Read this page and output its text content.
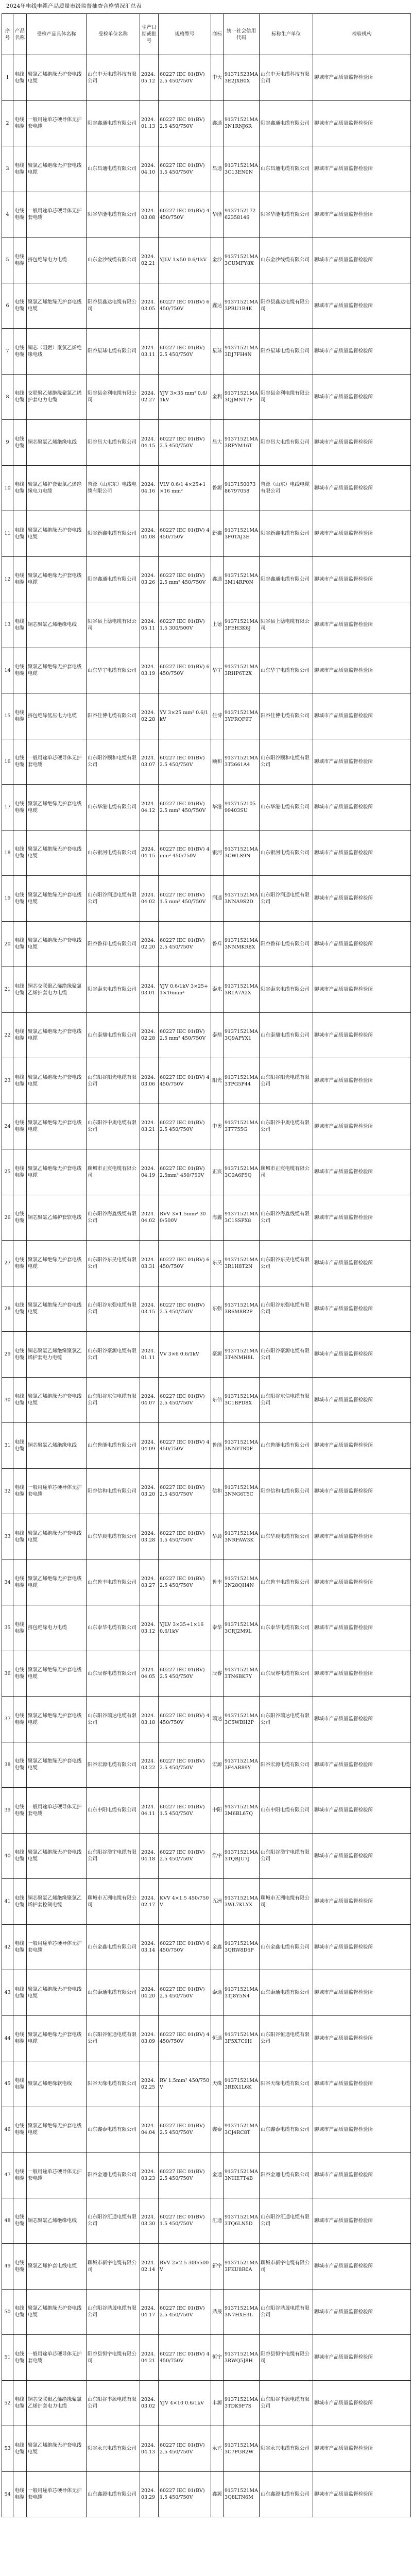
2024年电线电缆产品质量市级监督抽查合格情况汇总表
序号	产品名称	受检产品具体名称	受检单位名称	生产日期或批号	规格型号	商标	统一社会信用代码	标称生产单位	检验机构
1	电线电缆	聚氯乙烯绝缘无护套电线电缆	山东中天电缆科技有限公司	2024.05.12	60227 IEC 01(BV) 2.5 450/750V	中天	91371523MA3E2JXB0X	山东中天电缆科技有限公司	聊城市产品质量监督检验所
2	电线电缆	一般用途单芯硬导体无护套电缆	阳谷鑫通电缆有限公司	2024.01.13	60227 IEC 01(BV) 2.5 450/750V	鑫通	91371521MA3N1RNJ6R	阳谷鑫通电缆有限公司	聊城市产品质量监督检验所
3	电线电缆	聚氯乙烯绝缘无护套电线电缆	山东昌通电缆有限公司	2024.04.10	60227 IEC 01(BV) 1.5 450/750V	昌通	91371521MA3C13EN0N	山东昌通电缆有限公司	聊城市产品质量监督检验所
4	电线电缆	一般用途单芯硬导体无护套电缆	阳谷华能电缆有限公司	2024.03.08	60227 IEC 01(BV) 4 450/750V	华能	913715217262358146	阳谷华能电缆有限公司	聊城市产品质量监督检验所
5	电线电缆	挤包绝缘电力电缆	山东金沙线缆有限公司	2024.02.21	YJLV 1×50 0.6/1kV	金沙	91371521MA3CUMFY8X	山东金沙线缆有限公司	聊城市产品质量监督检验所
6	电线电缆	聚氯乙烯绝缘无护套电线电缆	阳谷县鑫达电缆有限公司	2024.03.05	60227 IEC 01(BV) 6 450/750V	鑫达	91371521MA3PRU1B4K	阳谷县鑫达电缆有限公司	聊城市产品质量监督检验所
7	电线电缆	铜芯（阻燃）聚氯乙烯绝缘电线	阳谷星球电缆有限公司	2024.03.11	60227 IEC 01(BV) 2.5 450/750V	星球	91371521MA3DJ7FH4N	阳谷星球电缆有限公司	聊城市产品质量监督检验所
8	电线电缆	交联聚乙烯绝缘聚氯乙烯护套电力电缆	阳谷县金利电缆有限公司	2024.02.27	YJV 3×35 mm² 0.6/1kV	金利	91371521MA3QJMNT7F	阳谷县金利电缆有限公司	聊城市产品质量监督检验所
9	电线电缆	铜芯聚氯乙烯绝缘电线	阳谷昌大电缆有限公司	2024.04.15	60227 IEC 01(BV) 2.5 450/750V	昌大	91371521MA3RPYM16T	阳谷昌大电缆有限公司	聊城市产品质量监督检验所
10	电线电缆	聚氯乙烯护套聚氯乙烯绝缘电力电缆	鲁源（山东东）电线电缆有限公司	2024.04.16	VLV 0.6/1 4×25+1×16 mm²	鲁源	913715007386797058	鲁源（山东）电线电缆有限公司	聊城市产品质量监督检验所
11	电线电缆	聚氯乙烯绝缘无护套电线电缆	阳谷新鑫电缆有限公司	2024.04.08	60227 IEC 01(BV) 4 450/750V	新鑫	91371521MA3F0TAJ3E	阳谷新鑫电缆有限公司	聊城市产品质量监督检验所
12	电线电缆	聚氯乙烯绝缘无护套电线电缆	阳谷鑫通电缆有限公司	2024.03.26	60227 IEC 01(BV) 2.5 mm² 450/750V	鑫通	91371521MA3M14RP0N	阳谷鑫通电缆有限公司	聊城市产品质量监督检验所
13	电线电缆	铜芯聚氯乙烯绝缘电线	阳谷县上德电缆有限公司	2024.05.11	60227 IEC 01(BV) 1.5 300/500V	上德	91371521MA3FEH3K6J	阳谷县上德电缆有限公司	聊城市产品质量监督检验所
14	电线电缆	聚氯乙烯绝缘无护套电线电缆	山东华宇电缆有限公司	2024.03.19	60227 IEC 01(BV) 6 450/750V	华宇	91371521MA3RHP6T2X	山东华宇电缆有限公司	聊城市产品质量监督检验所
15	电线电缆	挤包绝缘低压电力电缆	阳谷佳博电缆有限公司	2024.02.28	YV 3×25 mm² 0.6/1kV	佳博	91371521MA3YFRQF9T	阳谷佳博电缆有限公司	聊城市产品质量监督检验所
16	电线电缆	一般用途单芯硬导体无护套电缆	山东阳谷颐和电缆有限公司	2024.03.07	60227 IEC 01(BV) 2.5 450/750V	颐和	91371521MA3T2661A4	山东阳谷颐和电缆有限公司	聊城市产品质量监督检验所
17	电线电缆	聚氯乙烯绝缘无护套电线电缆	山东华港电缆有限公司	2024.04.12	60227 IEC 01(BV) 2.5 mm² 450/750V	华港	913715210599403SU	山东华港电缆有限公司	聊城市产品质量监督检验所
18	电线电缆	聚氯乙烯绝缘无护套电线电缆	山东银河电缆有限公司	2024.04.15	60227 IEC 01(BV) 4 mm² 450/750V	银河	91371521MA3CWLS9N	山东银河电缆有限公司	聊城市产品质量监督检验所
19	电线电缆	聚氯乙烯绝缘无护套电线电缆	山东阳谷润通电缆有限公司	2024.04.02	60227 IEC 01(BV) 1.5 mm² 450/750V	润通	91371521MA3NNA9S2D	山东阳谷润通电缆有限公司	聊城市产品质量监督检验所
20	电线电缆	聚氯乙烯绝缘无护套电线电缆	阳谷鲁祥电缆有限公司	2024.02.20	60227 IEC 01(BV) 2.5 450/750V	鲁祥	91371521MA3NNMKR8X	阳谷鲁祥电缆有限公司	聊城市产品质量监督检验所
21	电线电缆	铜芯交联聚乙烯绝缘聚氯乙烯护套电力电缆	阳谷泰来电缆有限公司	2024.03.01	YJV 0.6/1kV 3×25+1×16mm²	泰来	91371521MA3R1A7A2X	阳谷泰来电缆有限公司	聊城市产品质量监督检验所
22	电线电缆	聚氯乙烯绝缘无护套电线电缆	山东泰鼎电缆有限公司	2024.02.28	60227 IEC 01(BV) 2.5 mm² 450/750V	泰鼎	91371521MA3Q9APYX1	山东泰鼎电缆有限公司	聊城市产品质量监督检验所
23	电线电缆	聚氯乙烯绝缘无护套电线电缆	山东阳谷阳光电缆有限公司	2024.03.06	60227 IEC 01(BV) 4 450/750V	阳光	91371521MA3TPG5P44	山东阳谷阳光电缆有限公司	聊城市产品质量监督检验所
24	电线电缆	聚氯乙烯绝缘无护套电线电缆	山东阳谷中奥电缆有限公司	2024.03.21	60227 IEC 01(BV) 2.5 450/750V	中奥	91371521MA3T7755G	山东阳谷中奥电缆有限公司	聊城市产品质量监督检验所
25	电线电缆	聚氯乙烯绝缘无护套电线电缆	聊城市正宸电缆有限公司	2024.04.19	60227 IEC 01(BV) 2.5mm² 450/750V	正宸	91371521MA3C0A6P5Q	聊城市正宸电缆有限公司	聊城市产品质量监督检验所
26	电线电缆	铜芯聚氯乙烯护套软电线	山东阳谷海鑫线缆有限公司	2024.04.02	RVV 3×1.5mm² 300/500V	海鑫	91371521MA3C1SSPX8	山东阳谷海鑫线缆有限公司	聊城市产品质量监督检验所
27	电线电缆	聚氯乙烯绝缘无护套电线电缆	山东阳谷东昊电缆有限公司	2024.03.31	60227 IEC 01(BV) 6 450/750V	东昊	91371521MA3R1H8T2N	山东阳谷东昊电缆有限公司	聊城市产品质量监督检验所
28	电线电缆	聚氯乙烯绝缘无护套电线电缆	山东阳谷东强电缆有限公司	2024.03.15	60227 IEC 01(BV) 2.5 450/750V	东强	91371521MA3R6M8B2P	山东阳谷东强电缆有限公司	聊城市产品质量监督检验所
29	电线电缆	铜芯聚氯乙烯绝缘聚氯乙烯护套电力电缆	山东阳谷豪源电缆有限公司	2024.01.11	VV 3×6 0.6/1kV	豪源	91371521MA3T4NMH8L	山东阳谷豪源电缆有限公司	聊城市产品质量监督检验所
30	电线电缆	聚氯乙烯绝缘无护套电线电缆	山东阳谷东信电缆有限公司	2024.04.07	60227 IEC 01(BV) 2.5 450/750V	东信	91371521MA3C1BPD8X	山东阳谷东信电缆有限公司	聊城市产品质量监督检验所
31	电线电缆	铜芯聚氯乙烯绝缘电线	山东鲁能电缆有限公司	2024.04.09	60227 IEC 01(BV) 4 450/750V	鲁能	91371521MA3NNYTR0F	山东鲁能电缆有限公司	聊城市产品质量监督检验所
32	电线电缆	一般用途单芯硬导体无护套电缆	阳谷信和电缆有限公司	2024.03.20	60227 IEC 01(BV) 2.5 450/750V	信和	91371521MA3NNG6T5C	阳谷信和电缆有限公司	聊城市产品质量监督检验所
33	电线电缆	聚氯乙烯绝缘无护套电线电缆	山东华晨电缆有限公司	2024.03.28	60227 IEC 01(BV) 1.5 450/750V	华晨	91371521MA3NRFAW3K	山东华晨电缆有限公司	聊城市产品质量监督检验所
34	电线电缆	聚氯乙烯绝缘无护套电线电缆	山东鲁丰电缆有限公司	2024.03.27	60227 IEC 01(BV) 2.5 450/750V	鲁丰	91371521MA3N28QH4N	山东鲁丰电缆有限公司	聊城市产品质量监督检验所
35	电线电缆	挤包绝缘电力电缆	山东泰华电缆有限公司	2024.03.12	YJLV 3×35+1×16 0.6/1kV	泰华	91371521MA3CRJ2M9L	山东泰华电缆有限公司	聊城市产品质量监督检验所
36	电线电缆	聚氯乙烯绝缘无护套电线电缆	山东辰睿电缆有限公司	2024.04.05	60227 IEC 01(BV) 2.5 450/750V	辰睿	91371521MA3TN6BK7Y	山东辰睿电缆有限公司	聊城市产品质量监督检验所
37	电线电缆	聚氯乙烯绝缘无护套电线电缆	山东阳谷瑞达电缆有限公司	2024.03.18	60227 IEC 01(BV) 4 450/750V	瑞达	91371521MA3C5WBH2P	山东阳谷瑞达电缆有限公司	聊城市产品质量监督检验所
38	电线电缆	聚氯乙烯绝缘无护套电线电缆	阳谷宏源电缆有限公司	2024.03.22	60227 IEC 01(BV) 2.5 450/750V	宏源	91371521MA3F4AR89Y	阳谷宏源电缆有限公司	聊城市产品质量监督检验所
39	电线电缆	一般用途单芯硬导体无护套电缆	山东中阳电缆有限公司	2024.04.11	60227 IEC 01(BV) 1.5 450/750V	中阳	91371521MA3M6BL67Q	山东中阳电缆有限公司	聊城市产品质量监督检验所
40	电线电缆	聚氯乙烯绝缘无护套电线电缆	山东阳谷浩宇电缆有限公司	2024.04.18	60227 IEC 01(BV) 2.5 450/750V	浩宇	91371521MA3TQBJU7J	山东阳谷浩宇电缆有限公司	聊城市产品质量监督检验所
41	电线电缆	铜芯聚氯乙烯绝缘聚氯乙烯护套控制电缆	聊城市五洲电缆有限公司	2024.02.17	KVV 4×1.5 450/750V	五洲	91371521MA3WL7KLYX	聊城市五洲电缆有限公司	聊城市产品质量监督检验所
42	电线电缆	一般用途单芯硬导体无护套电缆	山东金鑫电缆有限公司	2024.03.14	60227 IEC 01(BV) 6 450/750V	金鑫	91371521MA3QRW8D6P	山东金鑫电缆有限公司	聊城市产品质量监督检验所
43	电线电缆	聚氯乙烯绝缘无护套电线电缆	山东泰通电缆有限公司	2024.04.20	60227 IEC 01(BV) 2.5 450/750V	泰通	91371521MA3TJ8Y5N4	山东泰通电缆有限公司	聊城市产品质量监督检验所
44	电线电缆	聚氯乙烯绝缘无护套电线电缆	山东阳谷恒通电缆有限公司	2024.03.09	60227 IEC 01(BV) 4 450/750V	恒通	91371521MA3F5X7C9H	山东阳谷恒通电缆有限公司	聊城市产品质量监督检验所
45	电线电缆	聚氯乙烯绝缘软电线	阳谷天缘电缆有限公司	2024.02.25	RV 1.5mm² 450/750V	天缘	91371521MA3RBX1L6K	阳谷天缘电缆有限公司	聊城市产品质量监督检验所
46	电线电缆	聚氯乙烯绝缘无护套电线电缆	山东鑫泰电缆有限公司	2024.04.04	60227 IEC 01(BV) 2.5 450/750V	鑫泰	91371521MA3CJ4RC8T	山东鑫泰电缆有限公司	聊城市产品质量监督检验所
47	电线电缆	一般用途单芯硬导体无护套电缆	阳谷金通电缆有限公司	2024.03.23	60227 IEC 01(BV) 2.5 450/750V	金通	91371521MA3NHE7T4B	阳谷金通电缆有限公司	聊城市产品质量监督检验所
48	电线电缆	铜芯聚氯乙烯绝缘电线	山东阳谷汇通电缆有限公司	2024.03.30	60227 IEC 01(BV) 1.5 450/750V	汇通	91371521MA3TQ6LN5D	山东阳谷汇通电缆有限公司	聊城市产品质量监督检验所
49	电线电缆	聚氯乙烯护套电线电缆	聊城市新宇电缆有限公司	2024.02.14	BVV 2×2.5 300/500V	新宇	91371521MA3FKU8R0A	聊城市新宇电缆有限公司	聊城市产品质量监督检验所
50	电线电缆	聚氯乙烯绝缘无护套电线电缆	山东阳谷鼎晟电缆有限公司	2024.04.17	60227 IEC 01(BV) 2.5 450/750V	鼎晟	91371521MA3N7HXE3L	山东阳谷鼎晟电缆有限公司	聊城市产品质量监督检验所
51	电线电缆	一般用途单芯硬导体无护套电缆	阳谷县恒宇电缆有限公司	2024.04.21	60227 IEC 01(BV) 4 450/750V	恒宇	91371521MA3RWQ5J8H	阳谷县恒宇电缆有限公司	聊城市产品质量监督检验所
52	电线电缆	铜芯交联聚乙烯绝缘聚氯乙烯护套电力电缆	山东阳谷丰源电缆有限公司	2024.03.02	YJV 4×10 0.6/1kV	丰源	91371521MA3TDK9F7S	山东阳谷丰源电缆有限公司	聊城市产品质量监督检验所
53	电线电缆	聚氯乙烯绝缘无护套电线电缆	阳谷永兴电缆有限公司	2024.04.13	60227 IEC 01(BV) 2.5 450/750V	永兴	91371521MA3C7PGR2W	阳谷永兴电缆有限公司	聊城市产品质量监督检验所
54	电线电缆	一般用途单芯硬导体无护套电缆	山东鑫源电缆有限公司	2024.03.29	60227 IEC 01(BV) 1.5 450/750V	鑫源	91371521MA3Q8LTN6M	山东鑫源电缆有限公司	聊城市产品质量监督检验所
